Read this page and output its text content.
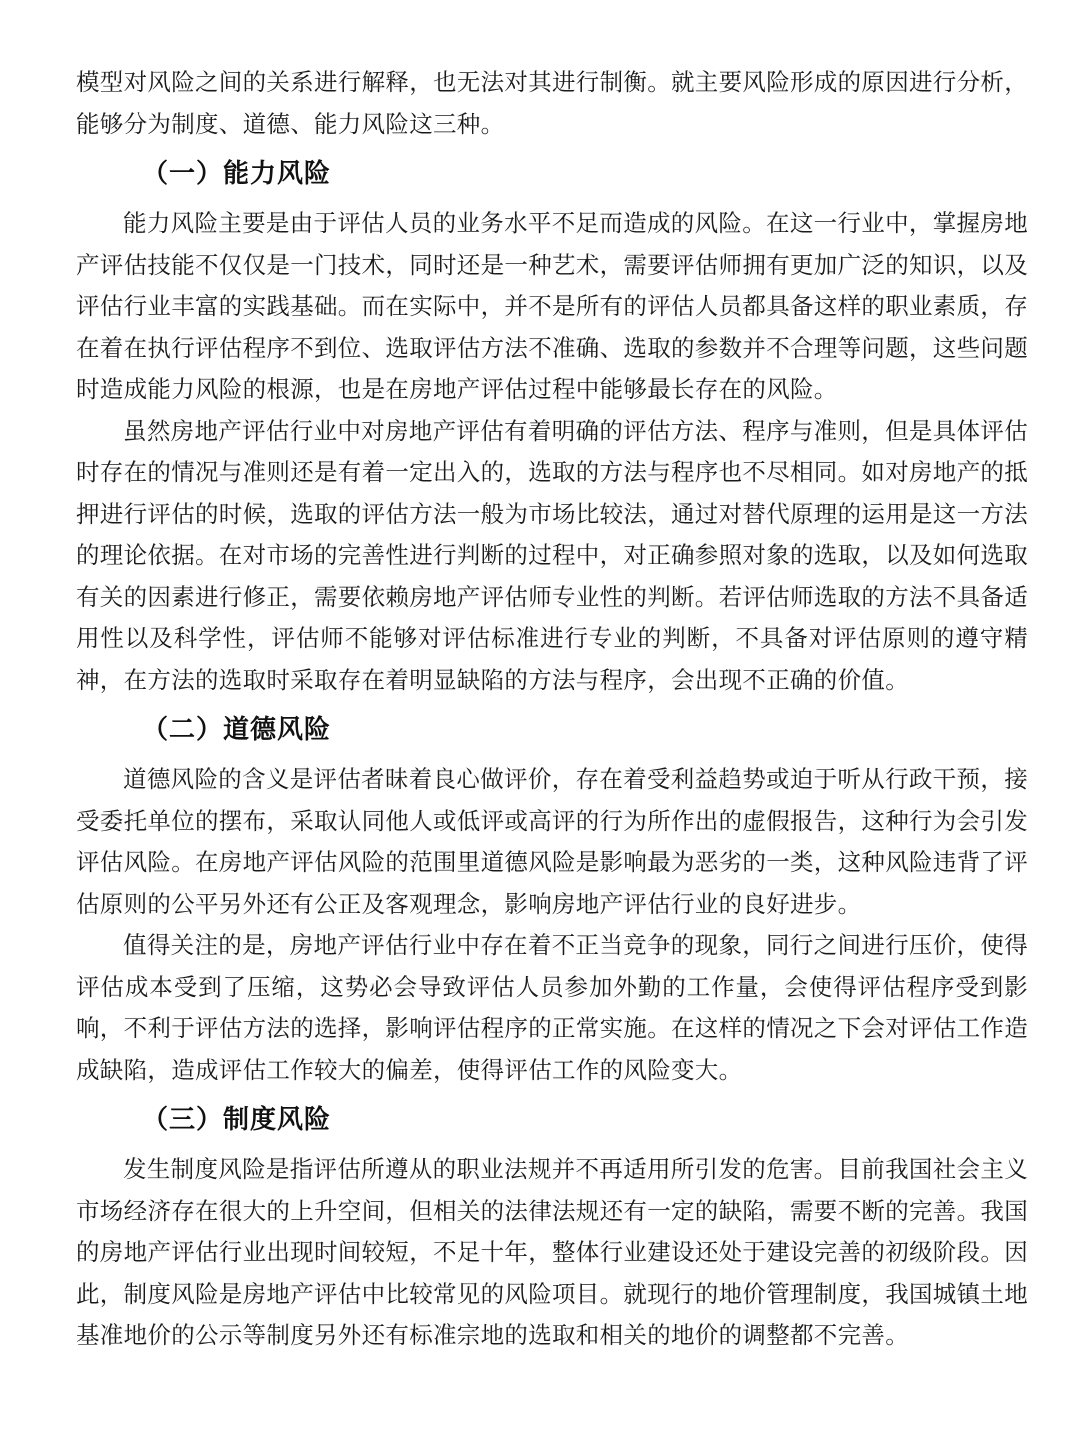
模型对风险之间的关系进行解释，也无法对其进行制衡。就主要风险形成的原因进行分析，能够分为制度、道德、能力风险这三种。

（一）能力风险

能力风险主要是由于评估人员的业务水平不足而造成的风险。在这一行业中，掌握房地产评估技能不仅仅是一门技术，同时还是一种艺术，需要评估师拥有更加广泛的知识，以及评估行业丰富的实践基础。而在实际中，并不是所有的评估人员都具备这样的职业素质，存在着在执行评估程序不到位、选取评估方法不准确、选取的参数并不合理等问题，这些问题时造成能力风险的根源，也是在房地产评估过程中能够最长存在的风险。

虽然房地产评估行业中对房地产评估有着明确的评估方法、程序与准则，但是具体评估时存在的情况与准则还是有着一定出入的，选取的方法与程序也不尽相同。如对房地产的抵押进行评估的时候，选取的评估方法一般为市场比较法，通过对替代原理的运用是这一方法的理论依据。在对市场的完善性进行判断的过程中，对正确参照对象的选取，以及如何选取有关的因素进行修正，需要依赖房地产评估师专业性的判断。若评估师选取的方法不具备适用性以及科学性，评估师不能够对评估标准进行专业的判断，不具备对评估原则的遵守精神，在方法的选取时采取存在着明显缺陷的方法与程序，会出现不正确的价值。

（二）道德风险

道德风险的含义是评估者昧着良心做评价，存在着受利益趋势或迫于听从行政干预，接受委托单位的摆布，采取认同他人或低评或高评的行为所作出的虚假报告，这种行为会引发评估风险。在房地产评估风险的范围里道德风险是影响最为恶劣的一类，这种风险违背了评估原则的公平另外还有公正及客观理念，影响房地产评估行业的良好进步。

值得关注的是，房地产评估行业中存在着不正当竞争的现象，同行之间进行压价，使得评估成本受到了压缩，这势必会导致评估人员参加外勤的工作量，会使得评估程序受到影响，不利于评估方法的选择，影响评估程序的正常实施。在这样的情况之下会对评估工作造成缺陷，造成评估工作较大的偏差，使得评估工作的风险变大。

（三）制度风险

发生制度风险是指评估所遵从的职业法规并不再适用所引发的危害。目前我国社会主义市场经济存在很大的上升空间，但相关的法律法规还有一定的缺陷，需要不断的完善。我国的房地产评估行业出现时间较短，不足十年，整体行业建设还处于建设完善的初级阶段。因此，制度风险是房地产评估中比较常见的风险项目。就现行的地价管理制度，我国城镇土地基准地价的公示等制度另外还有标准宗地的选取和相关的地价的调整都不完善。
